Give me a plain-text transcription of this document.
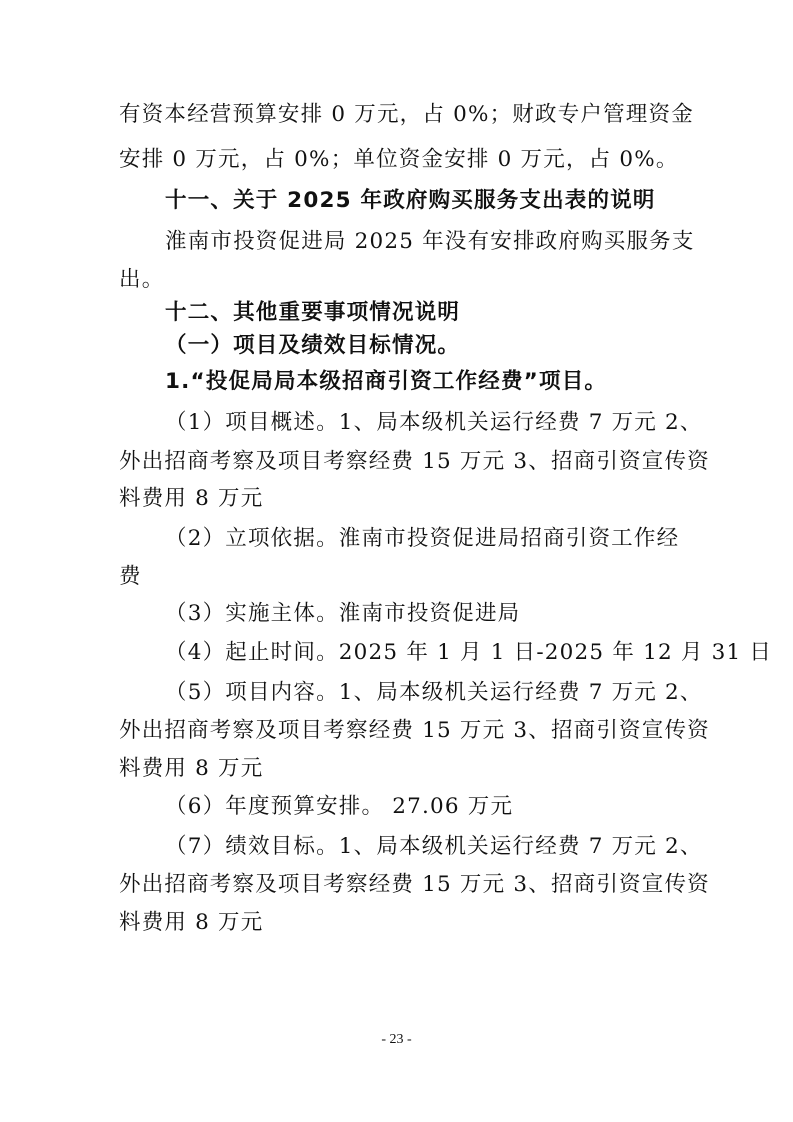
有资本经营预算安排 0 万元，占 0%；财政专户管理资金
安排 0 万元，占 0%；单位资金安排 0 万元，占 0%。
十一、关于 2025 年政府购买服务支出表的说明
淮南市投资促进局 2025 年没有安排政府购买服务支
出。
十二、其他重要事项情况说明
（一）项目及绩效目标情况。
1.“投促局局本级招商引资工作经费”项目。
（1）项目概述。1、局本级机关运行经费 7 万元 2、
外出招商考察及项目考察经费 15 万元 3、招商引资宣传资
料费用 8 万元
（2）立项依据。淮南市投资促进局招商引资工作经
费
（3）实施主体。淮南市投资促进局
（4）起止时间。2025 年 1 月 1 日-2025 年 12 月 31 日
（5）项目内容。1、局本级机关运行经费 7 万元 2、
外出招商考察及项目考察经费 15 万元 3、招商引资宣传资
料费用 8 万元
（6）年度预算安排。 27.06 万元
（7）绩效目标。1、局本级机关运行经费 7 万元 2、
外出招商考察及项目考察经费 15 万元 3、招商引资宣传资
料费用 8 万元
- 23 -
